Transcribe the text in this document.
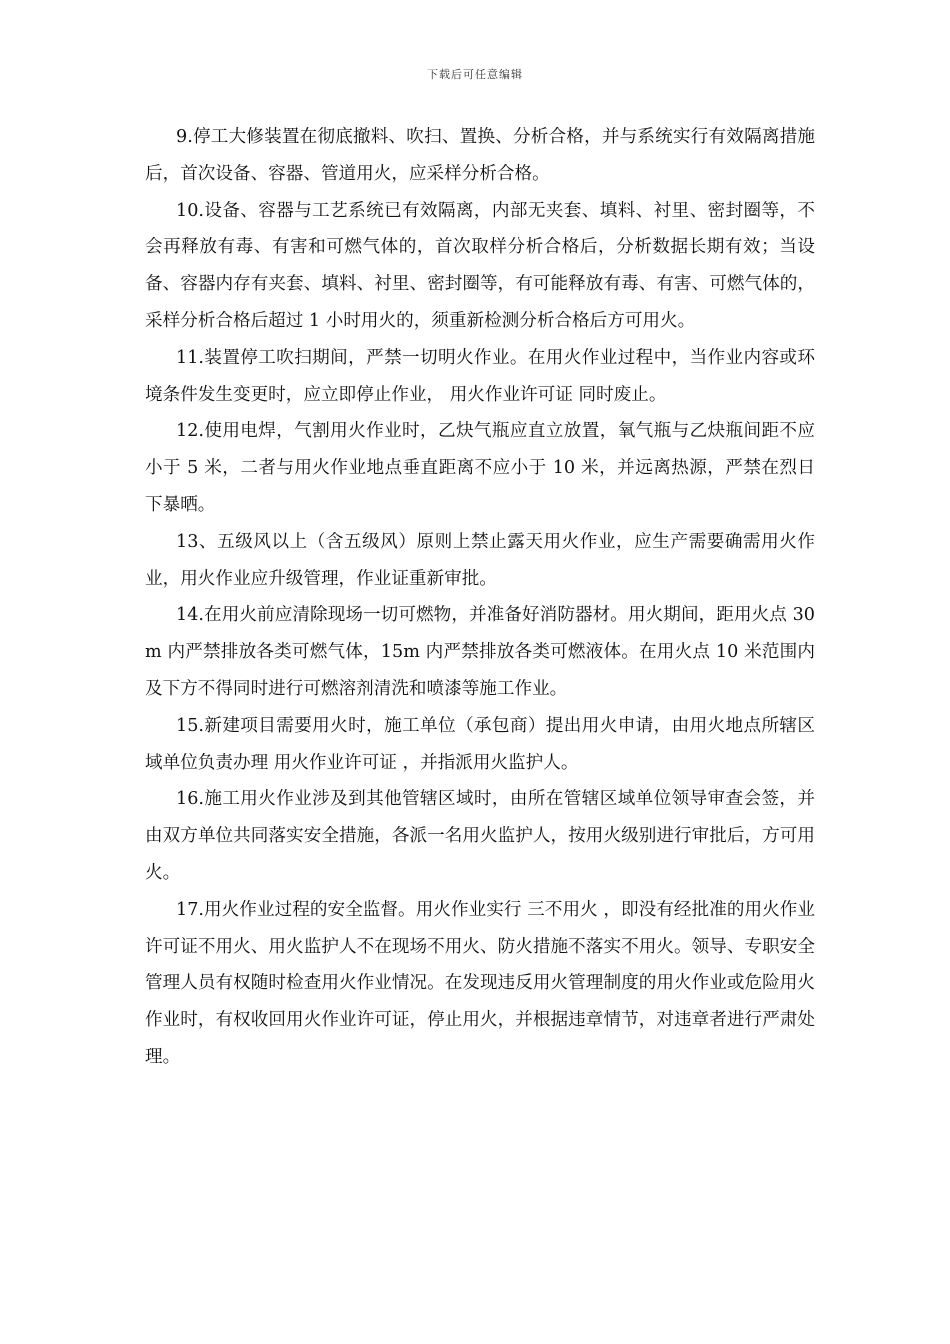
下载后可任意编辑

9.停工大修装置在彻底撤料、吹扫、置换、分析合格，并与系统实行有效隔离措施后，首次设备、容器、管道用火，应采样分析合格。

10.设备、容器与工艺系统已有效隔离，内部无夹套、填料、衬里、密封圈等，不会再释放有毒、有害和可燃气体的，首次取样分析合格后，分析数据长期有效；当设备、容器内存有夹套、填料、衬里、密封圈等，有可能释放有毒、有害、可燃气体的，采样分析合格后超过 1 小时用火的，须重新检测分析合格后方可用火。

11.装置停工吹扫期间，严禁一切明火作业。在用火作业过程中，当作业内容或环境条件发生变更时，应立即停止作业， 用火作业许可证 同时废止。

12.使用电焊，气割用火作业时，乙炔气瓶应直立放置，氧气瓶与乙炔瓶间距不应小于 5 米，二者与用火作业地点垂直距离不应小于 10 米，并远离热源，严禁在烈日下暴晒。

13、五级风以上（含五级风）原则上禁止露天用火作业，应生产需要确需用火作业，用火作业应升级管理，作业证重新审批。

14.在用火前应清除现场一切可燃物，并准备好消防器材。用火期间，距用火点 30m 内严禁排放各类可燃气体，15m 内严禁排放各类可燃液体。在用火点 10 米范围内及下方不得同时进行可燃溶剂清洗和喷漆等施工作业。

15.新建项目需要用火时，施工单位（承包商）提出用火申请，由用火地点所辖区域单位负责办理 用火作业许可证 ，并指派用火监护人。

16.施工用火作业涉及到其他管辖区域时，由所在管辖区域单位领导审查会签，并由双方单位共同落实安全措施，各派一名用火监护人，按用火级别进行审批后，方可用火。

17.用火作业过程的安全监督。用火作业实行 三不用火 ，即没有经批准的用火作业许可证不用火、用火监护人不在现场不用火、防火措施不落实不用火。领导、专职安全管理人员有权随时检查用火作业情况。在发现违反用火管理制度的用火作业或危险用火作业时，有权收回用火作业许可证，停止用火，并根据违章情节，对违章者进行严肃处理。
